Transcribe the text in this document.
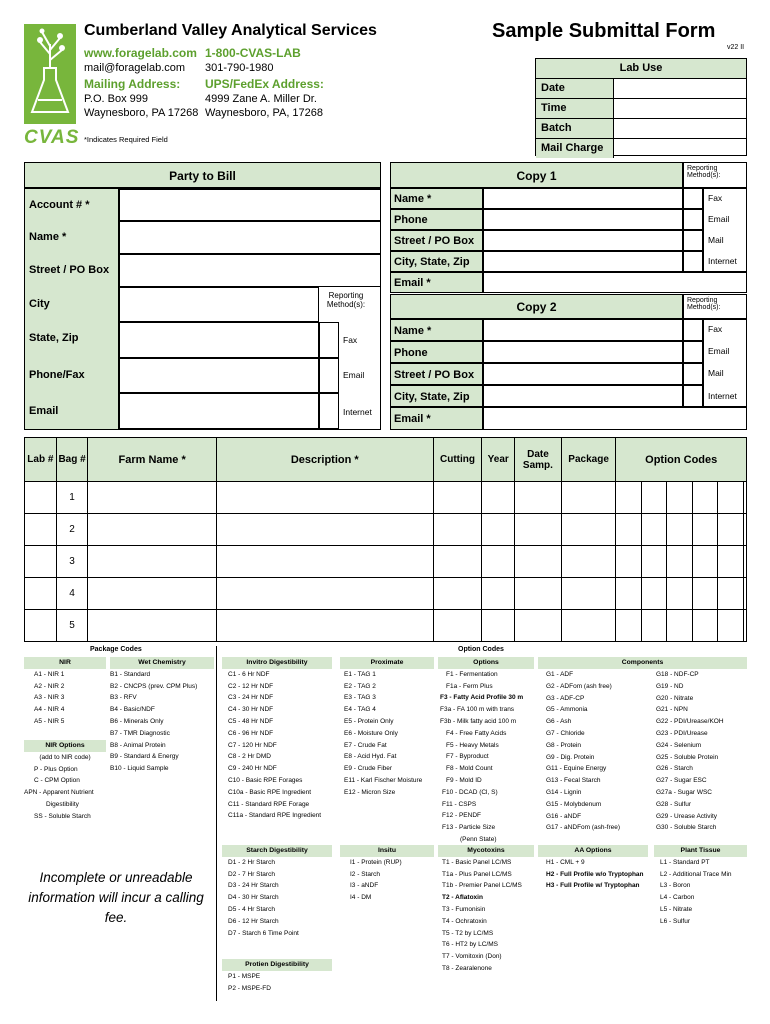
CVAS
Cumberland Valley Analytical Services
www.foragelab.com 1-800-CVAS-LAB
mail@foragelab.com 301-790-1980
Mailing Address: UPS/FedEx Address:
P.O. Box 999	4999 Zane A. Miller Dr.
Waynesboro, PA 17268 Waynesboro, PA, 17268
*Indicates Required Field
Sample Submittal Form
v22 II
Lab Use
Date
Time
Batch
Mail Charge
Party to Bill
Account # *
Name *
Street / PO Box
City
State, Zip
Phone/Fax
Email
Reporting Method(s):
Fax
Email
Internet
Copy 1
Reporting Method(s):
Name *
Phone
Street / PO Box
City, State, Zip
Email *
Fax
Email
Mail
Internet
Copy 2	Reporting Method(s):
Name *
Phone
Street / PO Box
City, State, Zip
Email *
Fax
Email
Mail
Internet
Lab #	Bag #	Farm Name *	Description *	Cutting	Year	Date Samp.	Package	Option Codes					
	1												
	2												
	3												
	4												
	5												
Package Codes	Option Codes
NIR
A1 - NIR 1
A2 - NIR 2
A3 - NIR 3
A4 - NIR 4
A5 - NIR 5
NIR Options
(add to NIR code)
P - Plus Option
C - CPM Option
APN - Apparent Nutrient
Digestibility
SS - Soluble Starch
Wet Chemistry
B1 - Standard
B2 - CNCPS (prev. CPM Plus)
B3 - RFV
B4 - Basic/NDF
B6 - Minerals Only
B7 - TMR Diagnostic
B8 - Animal Protein
B9 - Standard & Energy
B10 - Liquid Sample
Incomplete or unreadable information will incur a calling fee.
Invitro Digestibility
C1 - 6 Hr NDF
C2 - 12 Hr NDF
C3 - 24 Hr NDF
C4 - 30 Hr NDF
C5 - 48 Hr NDF
C6 - 96 Hr NDF
C7 - 120 Hr NDF
C8 - 2 Hr DMD
C9 - 240 Hr NDF
C10 - Basic RPE Forages
C10a - Basic RPE Ingredient
C11 - Standard RPE Forage
C11a - Standard RPE Ingredient
Starch Digestibility
D1 - 2 Hr Starch
D2 - 7 Hr Starch
D3 - 24 Hr Starch
D4 - 30 Hr Starch
D5 - 4 Hr Starch
D6 - 12 Hr Starch
D7 - Starch 6 Time Point
Protien Digestibility
P1 - MSPE
P2 - MSPE-FD
Proximate
E1 - TAG 1
E2 - TAG 2
E3 - TAG 3
E4 - TAG 4
E5 - Protein Only
E6 - Moisture Only
E7 - Crude Fat
E8 - Acid Hyd. Fat
E9 - Crude Fiber
E11 - Karl Fischer Moisture
E12 - Micron Size
Insitu
I1 - Protein (RUP)
I2 - Starch
I3 - aNDF
I4 - DM
Options
F1 - Fermentation
F1a - Ferm Plus
F3 - Fatty Acid Profile 30 m
F3a - FA 100 m with trans
F3b - Milk fatty acid 100 m
F4 - Free Fatty Acids
F5 - Heavy Metals
F7 - Byproduct
F8 - Mold Count
F9 - Mold ID
F10 - DCAD (Cl, S)
F11 - CSPS
F12 - PENDF
F13 - Particle Size
(Penn State)
Mycotoxins
T1 - Basic Panel LC/MS
T1a - Plus Panel LC/MS
T1b - Premier Panel LC/MS
T2 - Aflatoxin
T3 - Fumonisin
T4 - Ochratoxin
T5 - T2 by LC/MS
T6 - HT2 by LC/MS
T7 - Vomitoxin (Don)
T8 - Zearalenone
Components
G1 - ADF
G2 - ADFom (ash free)
G3 - ADF-CP
G5 - Ammonia
G6 - Ash
G7 - Chloride
G8 - Protein
G9 - Dig. Protein
G11 - Equine Energy
G13 - Fecal Starch
G14 - Lignin
G15 - Molybdenum
G16 - aNDF
G17 - aNDFom (ash-free)
G18 - NDF-CP
G19 - ND
G20 - Nitrate
G21 - NPN
G22 - PDI/Urease/KOH
G23 - PDI/Urease
G24 - Selenium
G25 - Soluble Protein
G26 - Starch
G27 - Sugar ESC
G27a - Sugar WSC
G28 - Sulfur
G29 - Urease Activity
G30 - Soluble Starch
AA Options
H1 - CML + 9
H2 - Full Profile w/o Tryptophan
H3 - Full Profile w/ Tryptophan
Plant Tissue
L1 - Standard PT
L2 - Additional Trace Min
L3 - Boron
L4 - Carbon
L5 - Nitrate
L6 - Sulfur
